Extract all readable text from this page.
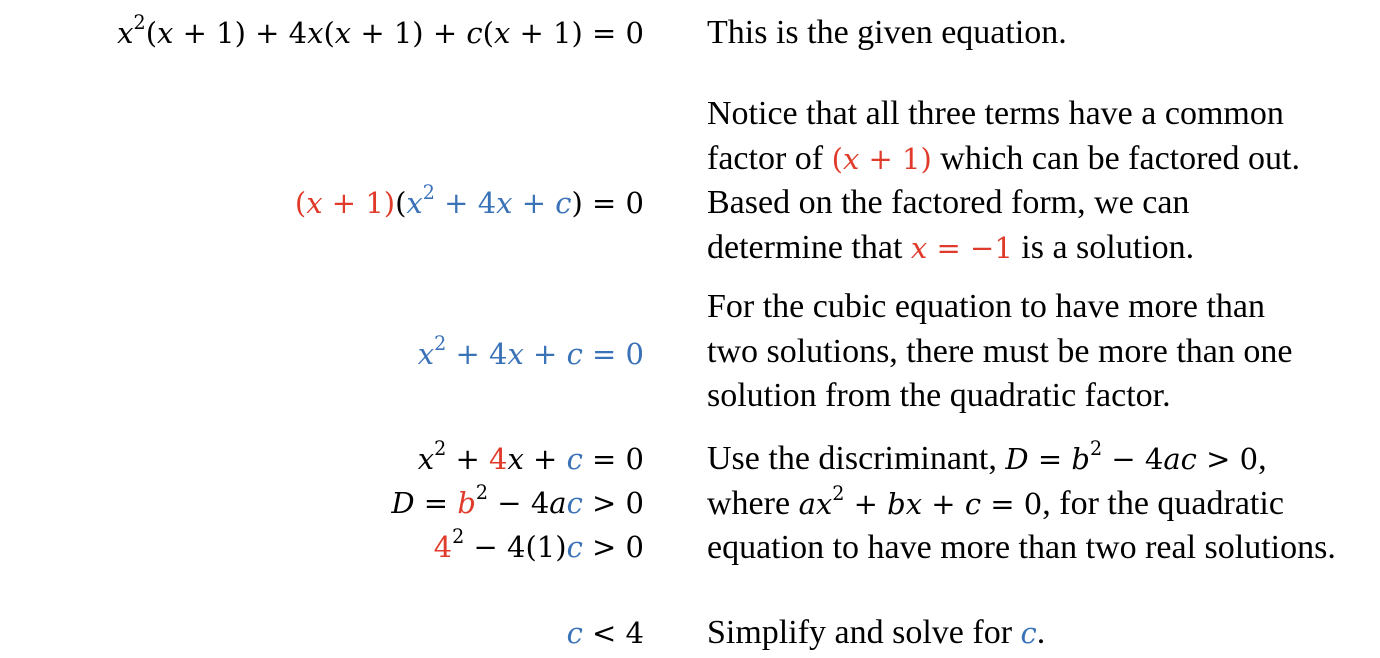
$x^2(x + 1) + 4x(x + 1) + c(x + 1) = 0$ This is the given equation.
$(x + 1)(x^2 + 4x + c) = 0$
Notice that all three terms have a common
factor of (x + 1) which can be factored out.
Based on the factored form, we can
determine that x = −1 is a solution.
$x^2 + 4x + c = 0$
For the cubic equation to have more than
two solutions, there must be more than one
solution from the quadratic factor.
$x^2 + 4x + c = 0$
$D = b^2 - 4ac > 0$
$4^2 - 4(1)c > 0$
Use the discriminant, $D = b^2 - 4ac > 0$,
where $ax^2$ + bx + c = 0, for the quadratic
equation to have more than two real solutions.
c < 4 Simplify and solve for c.
